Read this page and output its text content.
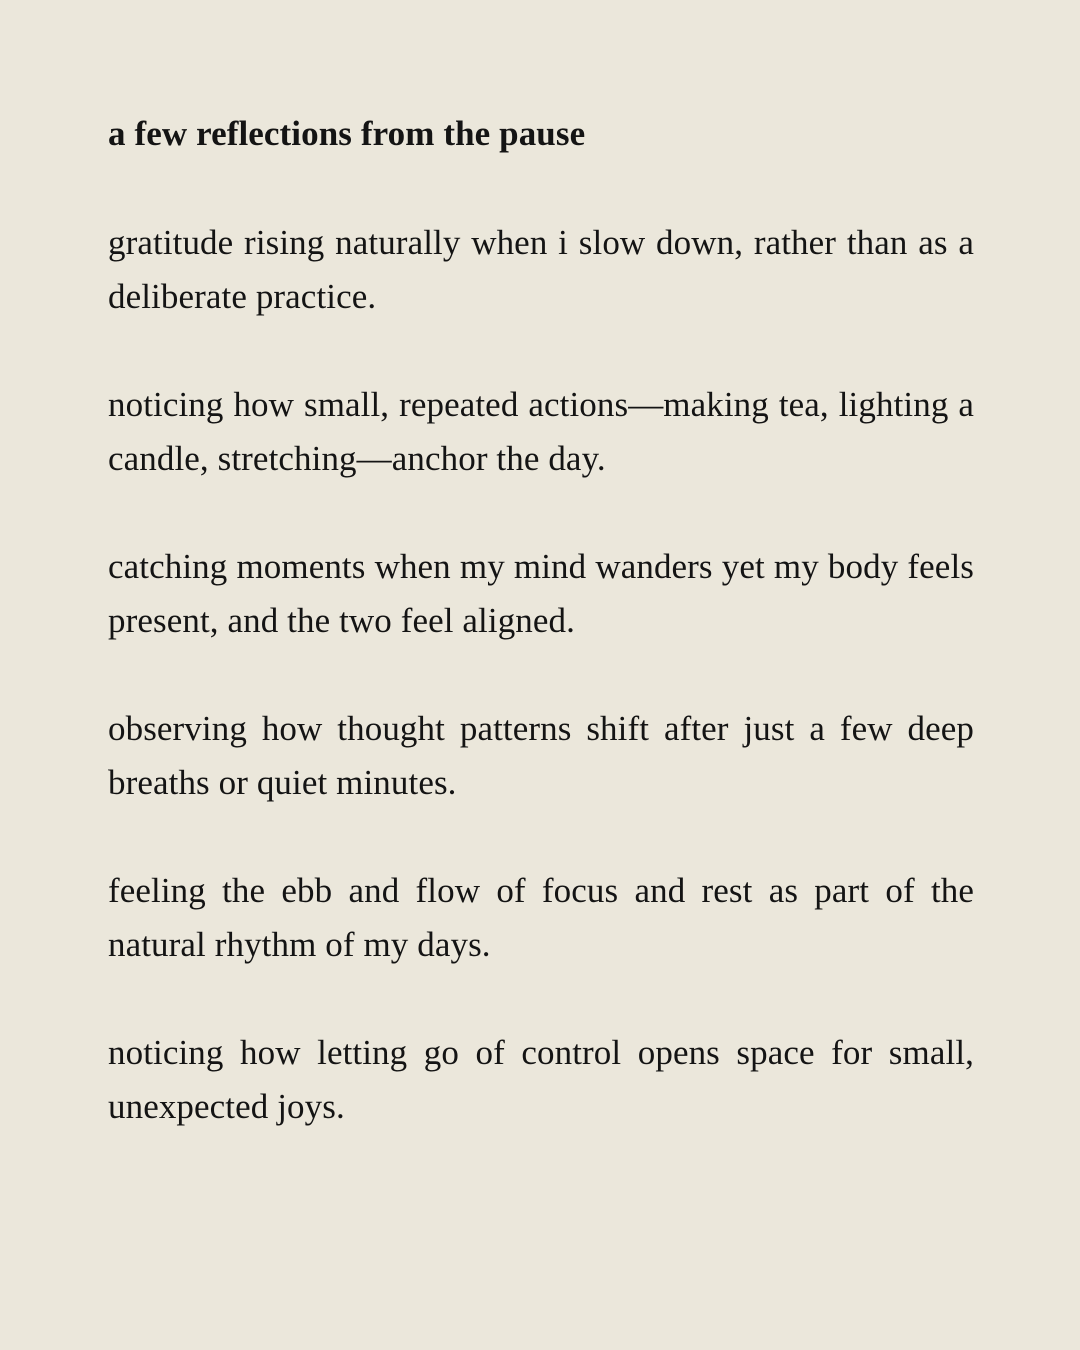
a few reflections from the pause

gratitude rising naturally when i slow down, rather than as a deliberate practice.

noticing how small, repeated actions—making tea, lighting a candle, stretching—anchor the day.

catching moments when my mind wanders yet my body feels present, and the two feel aligned.

observing how thought patterns shift after just a few deep breaths or quiet minutes.

feeling the ebb and flow of focus and rest as part of the natural rhythm of my days.

noticing how letting go of control opens space for small, unexpected joys.
